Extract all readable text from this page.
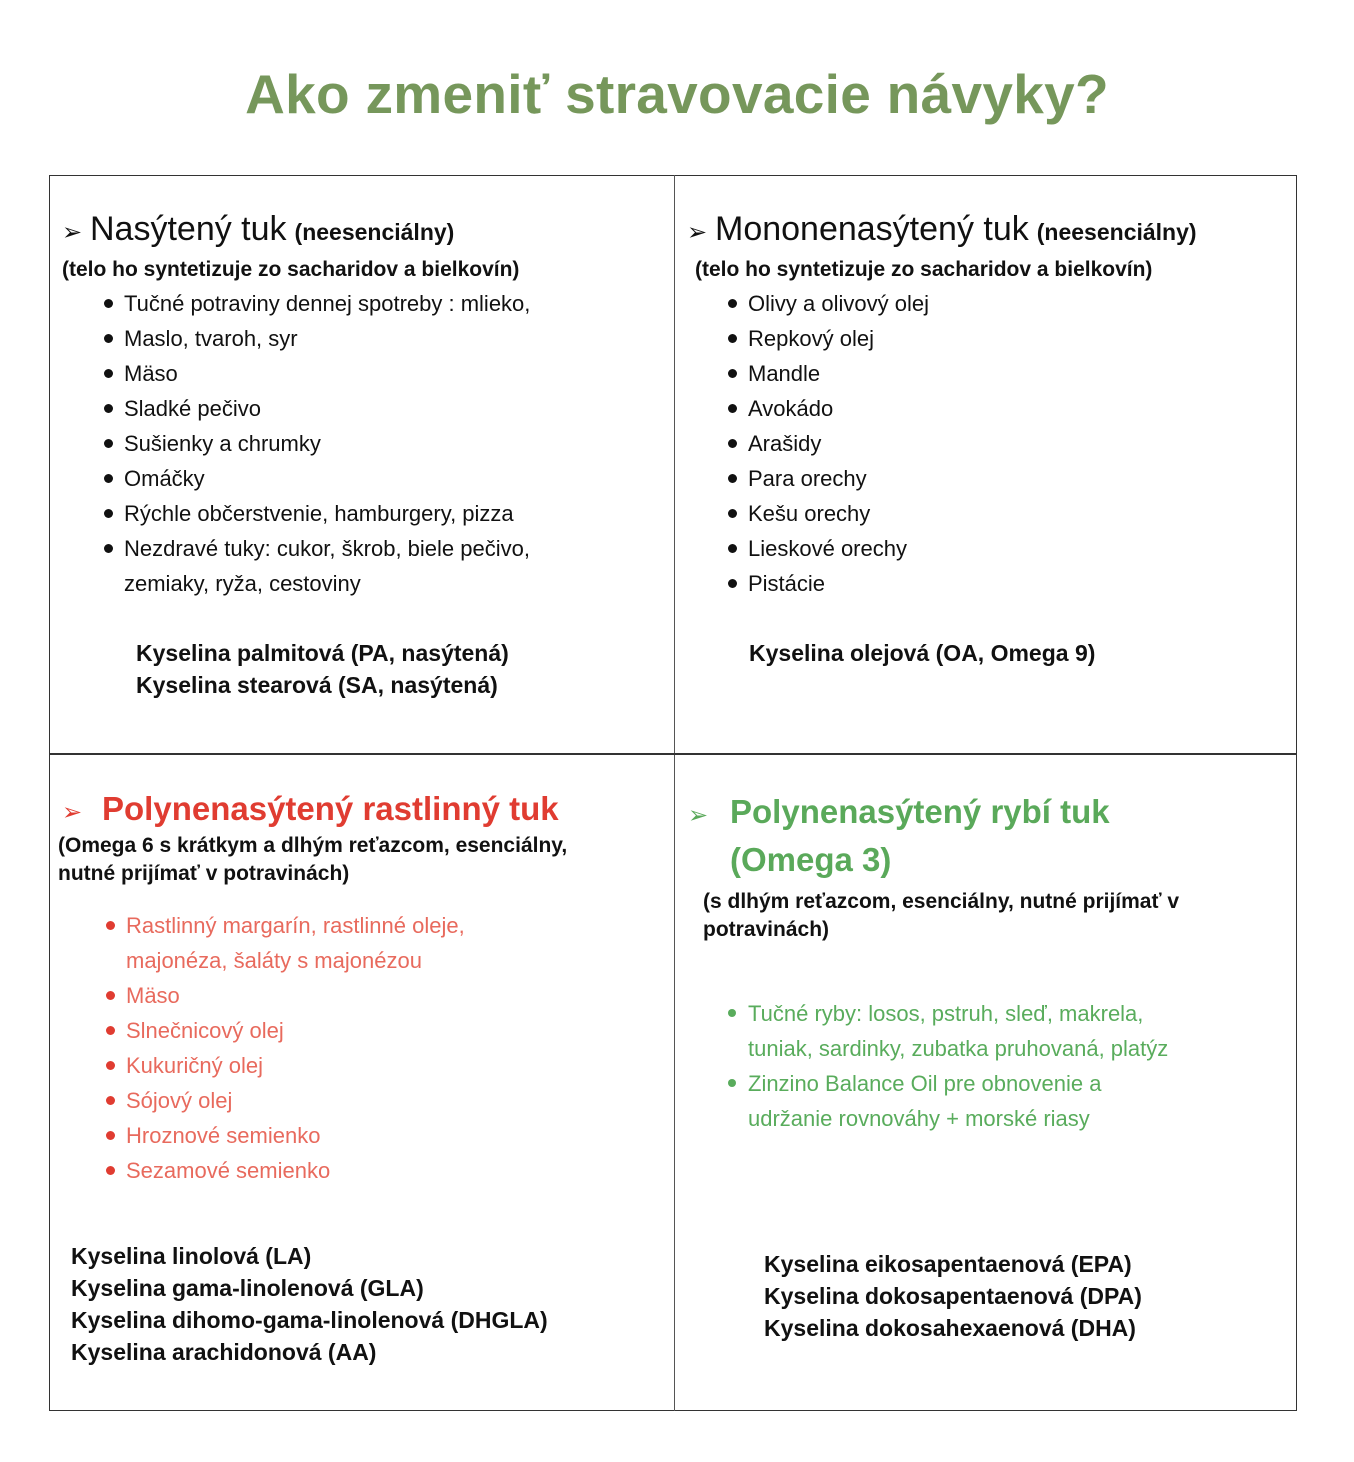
Ako zmeniť stravovacie návyky?
➢ Nasýtený tuk (neesenciálny)
(telo ho syntetizuje zo sacharidov a bielkovín)
Tučné potraviny dennej spotreby : mlieko,
Maslo, tvaroh, syr
Mäso
Sladké pečivo
Sušienky a chrumky
Omáčky
Rýchle občerstvenie, hamburgery, pizza
Nezdravé tuky: cukor, škrob, biele pečivo,
zemiaky, ryža, cestoviny
Kyselina palmitová (PA, nasýtená)
Kyselina stearová (SA, nasýtená)
➢ Mononenasýtený tuk (neesenciálny)
(telo ho syntetizuje zo sacharidov a bielkovín)
Olivy a olivový olej
Repkový olej
Mandle
Avokádo
Arašidy
Para orechy
Kešu orechy
Lieskové orechy
Pistácie
Kyselina olejová (OA, Omega 9)
➢ Polynenasýtený rastlinný tuk
(Omega 6 s krátkym a dlhým reťazcom, esenciálny,
nutné prijímať v potravinách)
Rastlinný margarín, rastlinné oleje,
majonéza, šaláty s majonézou
Mäso
Slnečnicový olej
Kukuričný olej
Sójový olej
Hroznové semienko
Sezamové semienko
Kyselina linolová (LA)
Kyselina gama-linolenová (GLA)
Kyselina dihomo-gama-linolenová (DHGLA)
Kyselina arachidonová (AA)
➢ Polynenasýtený rybí tuk
(Omega 3)
(s dlhým reťazcom, esenciálny, nutné prijímať v
potravinách)
Tučné ryby: losos, pstruh, sleď, makrela,
tuniak, sardinky, zubatka pruhovaná, platýz
Zinzino Balance Oil pre obnovenie a
udržanie rovnováhy + morské riasy
Kyselina eikosapentaenová (EPA)
Kyselina dokosapentaenová (DPA)
Kyselina dokosahexaenová (DHA)
